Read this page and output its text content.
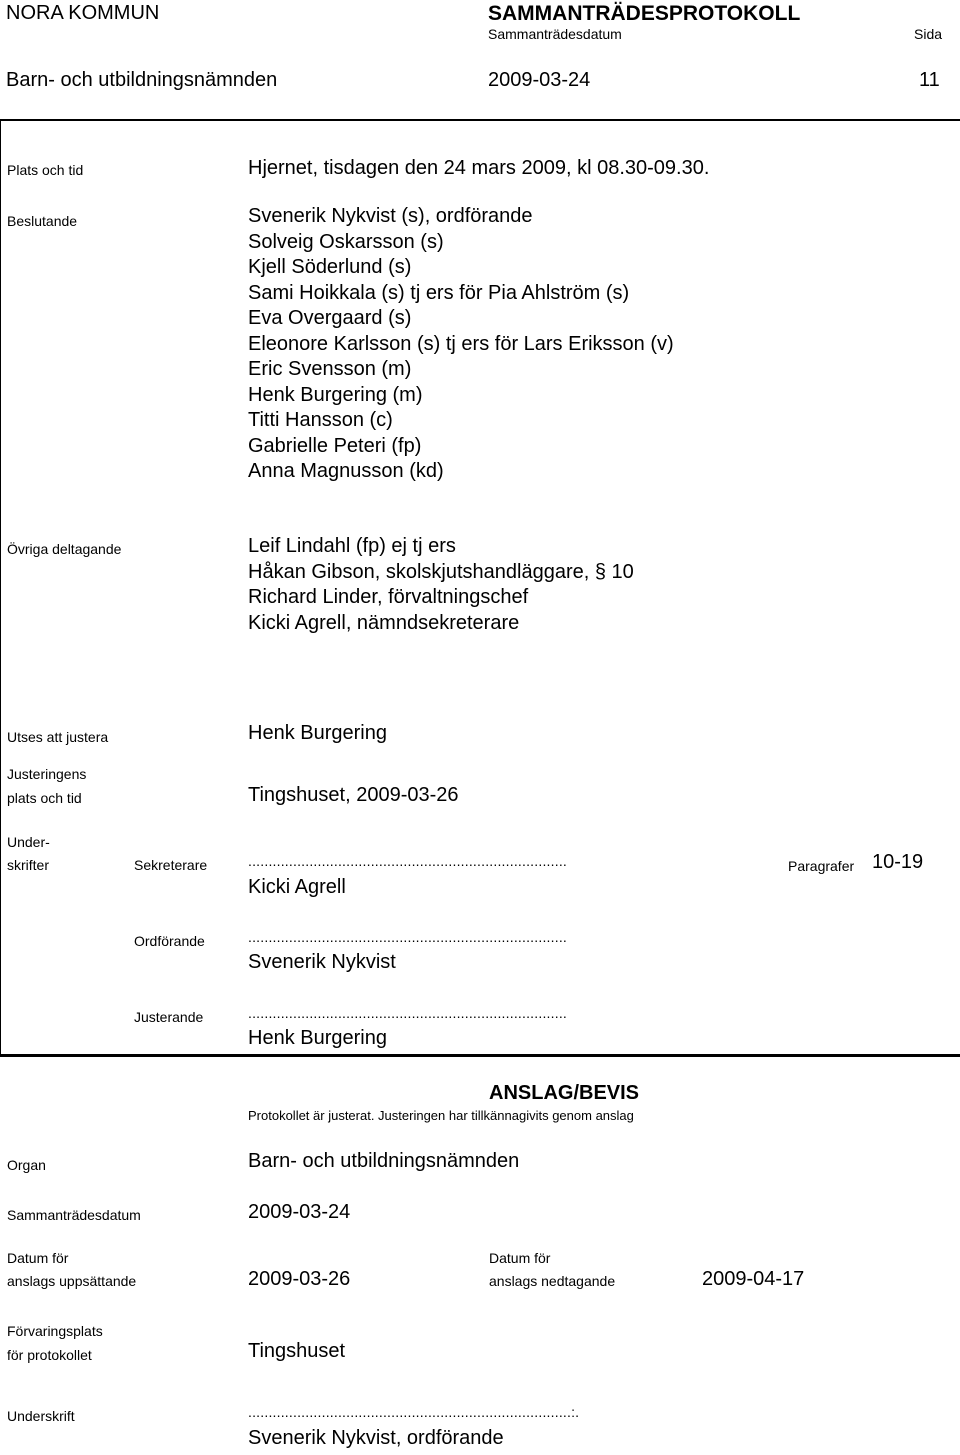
NORA KOMMUN	SAMMANTRÄDESPROTOKOLL
Sammanträdesdatum	Sida
Barn- och utbildningsnämnden	2009-03-24	11
Plats och tid	Hjernet, tisdagen den 24 mars 2009, kl 08.30-09.30.
Beslutande	Svenerik Nykvist (s), ordförande
Solveig Oskarsson (s)
Kjell Söderlund (s)
Sami Hoikkala (s) tj ers för Pia Ahlström (s)
Eva Overgaard (s)
Eleonore Karlsson (s) tj ers för Lars Eriksson (v)
Eric Svensson (m)
Henk Burgering (m)
Titti Hansson (c)
Gabrielle Peteri (fp)
Anna Magnusson (kd)
Övriga deltagande	Leif Lindahl (fp) ej tj ers
Håkan Gibson, skolskjutshandläggare, § 10
Richard Linder, förvaltningschef
Kicki Agrell, nämndsekreterare
Utses att justera	Henk Burgering
Justeringens
plats och tid	Tingshuset, 2009-03-26
Under-
skrifter	Sekreterare	..............................................................................	Paragrafer 10-19
Kicki Agrell
Ordförande	..............................................................................
Svenerik Nykvist
Justerande	..............................................................................
Henk Burgering
ANSLAG/BEVIS
Protokollet är justerat. Justeringen har tillkännagivits genom anslag
Organ	Barn- och utbildningsnämnden
Sammanträdesdatum	2009-03-24
Datum för
anslags uppsättande	2009-03-26
Datum för
anslags nedtagande	2009-04-17
Förvaringsplats
för protokollet	Tingshuset
Underskrift	...............................................................................:.
Svenerik Nykvist, ordförande
